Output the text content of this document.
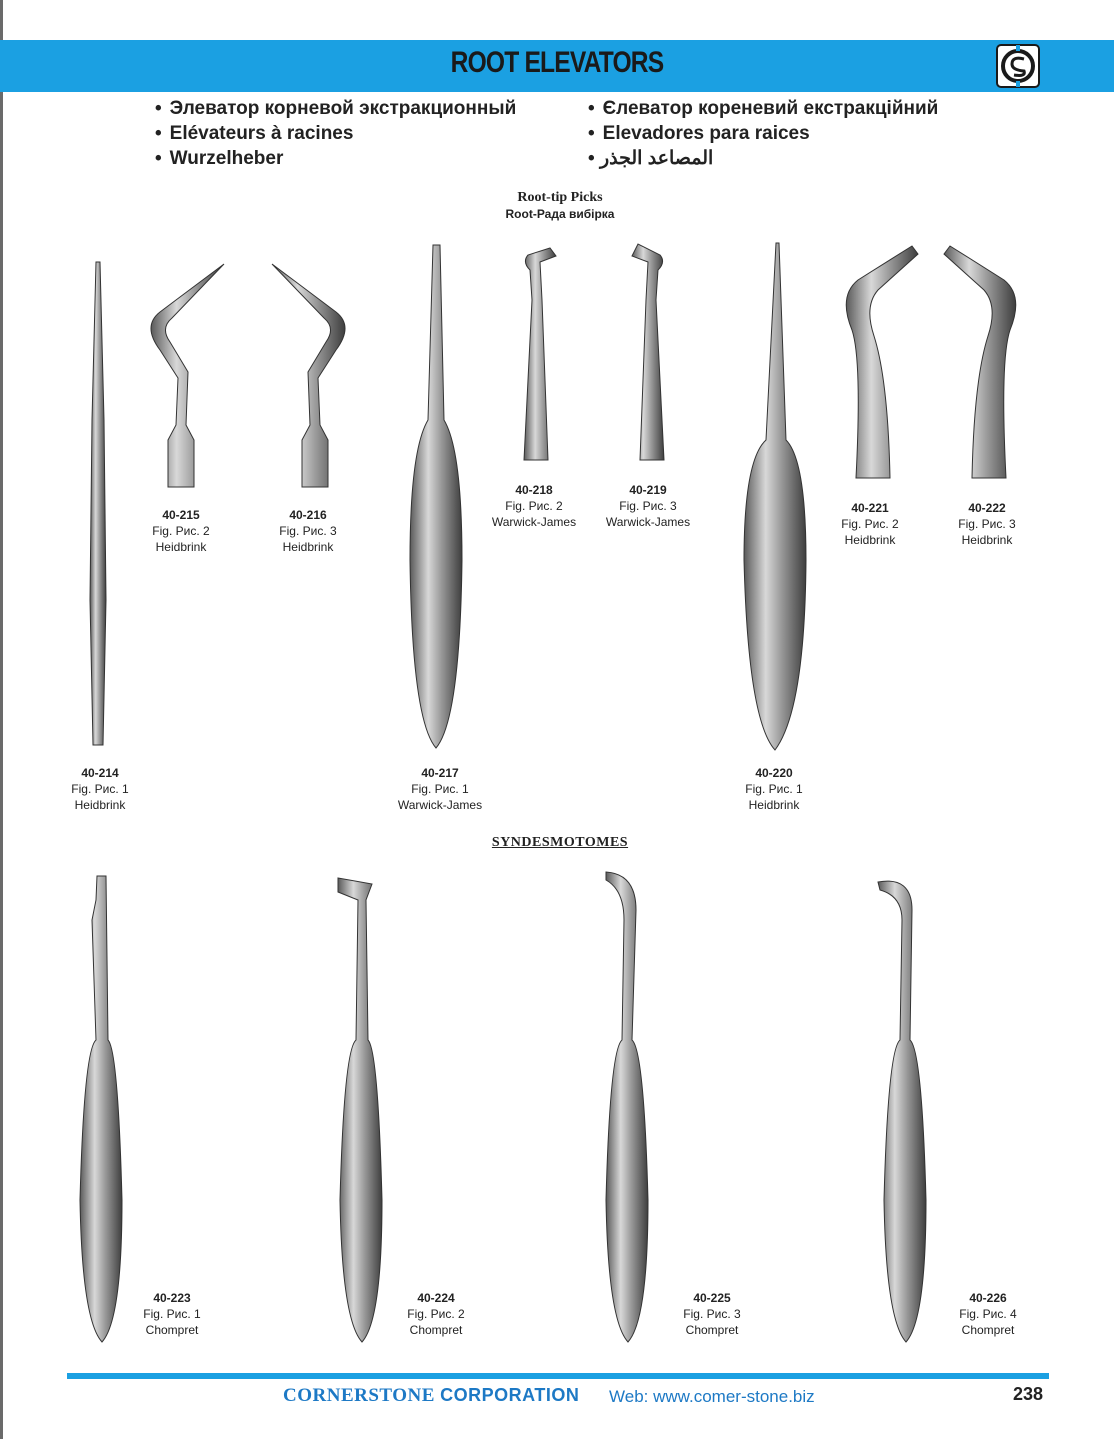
ROOT ELEVATORS
• Элеватор корневой экстракционный
• Elévateurs à racines
• Wurzelheber
• Єлеватор кореневий екстракційний
• Elevadores para raices
المصاعد الجذر •
Root-tip Picks
Root-Рада вибірка
SYNDESMOTOMES
40-214
Fig. Рис. 1
Heidbrink
40-215
Fig. Рис. 2
Heidbrink
40-216
Fig. Рис. 3
Heidbrink
40-217
Fig. Рис. 1
Warwick-James
40-218
Fig. Рис. 2
Warwick-James
40-219
Fig. Рис. 3
Warwick-James
40-220
Fig. Рис. 1
Heidbrink
40-221
Fig. Рис. 2
Heidbrink
40-222
Fig. Рис. 3
Heidbrink
40-223
Fig. Рис. 1
Chompret
40-224
Fig. Рис. 2
Chompret
40-225
Fig. Рис. 3
Chompret
40-226
Fig. Рис. 4
Chompret
CORNERSTONE CORPORATION Web: www.comer-stone.biz	238
